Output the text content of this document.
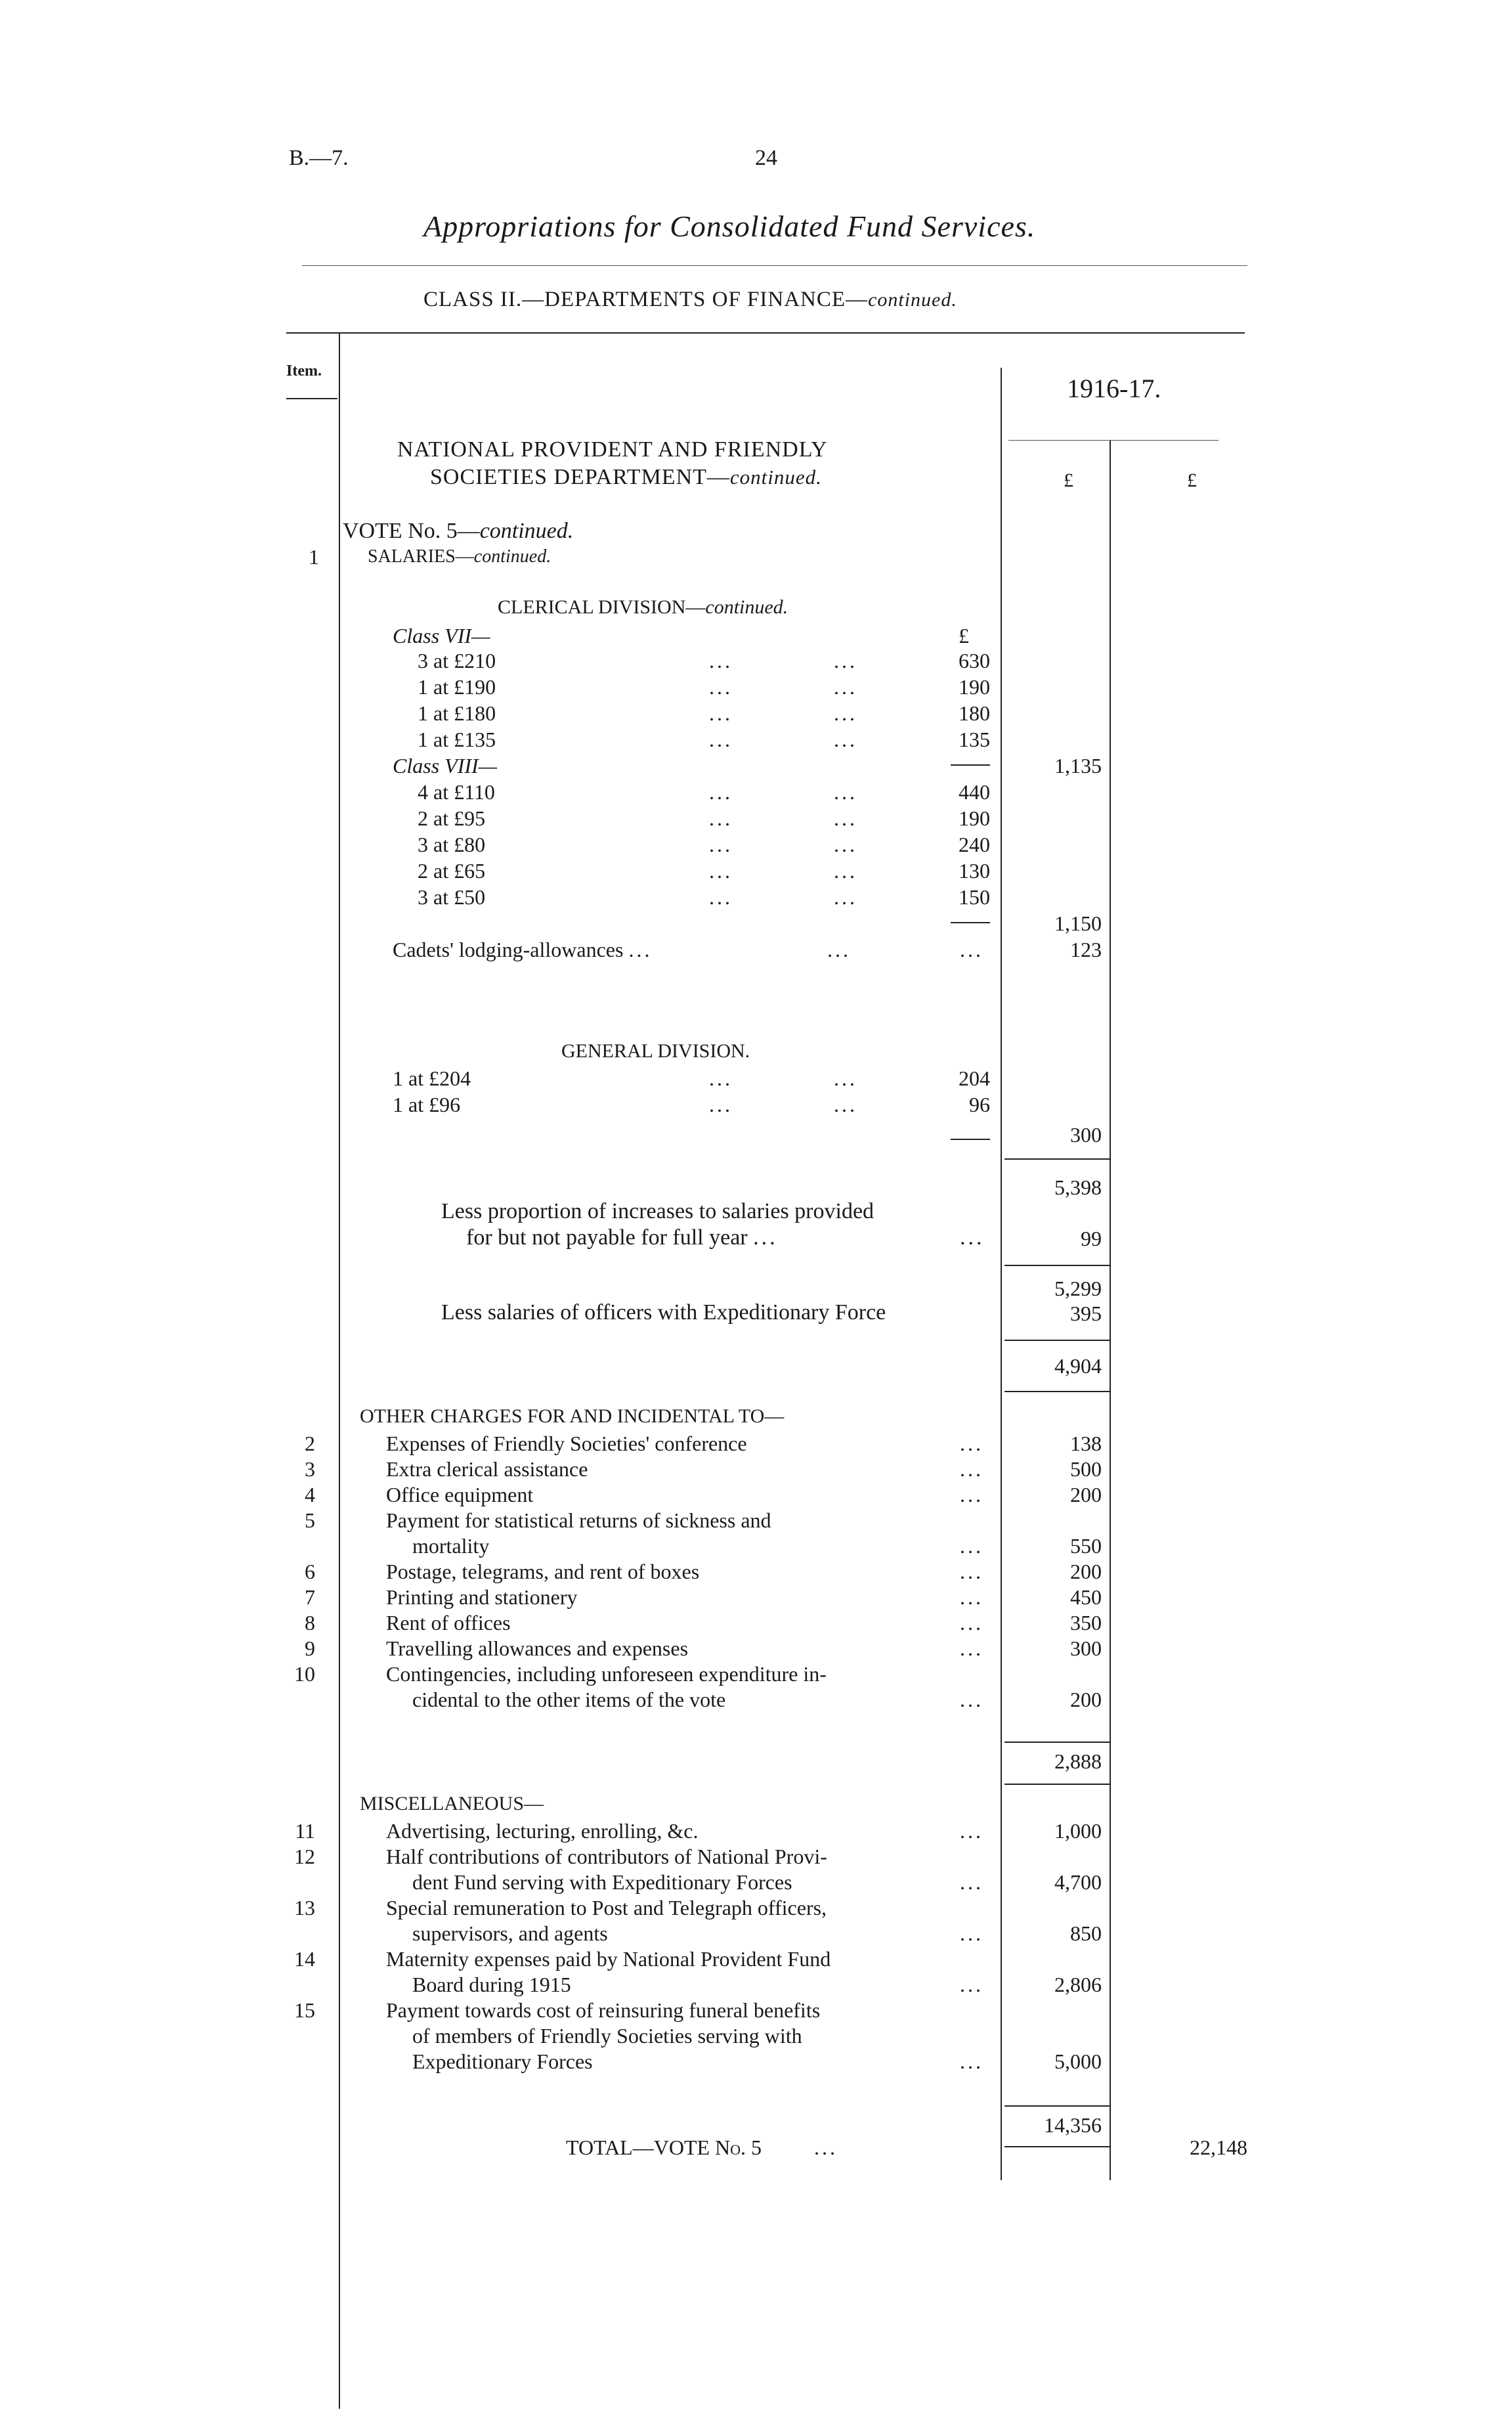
B.—7.	24
Appropriations for Consolidated Fund Services.
CLASS II.—DEPARTMENTS OF FINANCE—continued.
Item.
1916-17.
£	£
NATIONAL PROVIDENT AND FRIENDLY
SOCIETIES DEPARTMENT—continued.
VOTE No. 5—continued.
1	SALARIES—continued.
CLERICAL DIVISION—continued.
£
Class VII—
3 at £210	...	...	630
1 at £190	...	...	190
1 at £180	...	...	180
1 at £135	...	...	135
1,135
Class VIII—
4 at £110	...	...	440
2 at £95	...	...	190
3 at £80	...	...	240
2 at £65	...	...	130
3 at £50	...	...	150
1,150
Cadets' lodging-allowances ...	...	...	123
GENERAL DIVISION.
1 at £204	...	...	204
1 at £96	...	...	96
300
5,398
Less proportion of increases to salaries provided
for but not payable for full year ...	...	99
5,299
Less salaries of officers with Expeditionary Force	395
4,904
OTHER CHARGES FOR AND INCIDENTAL TO—
2	Expenses of Friendly Societies' conference	...	138
3	Extra clerical assistance	...	500
4	Office equipment	...	200
5	Payment for statistical returns of sickness and
mortality	...	550
6	Postage, telegrams, and rent of boxes	...	200
7	Printing and stationery	...	450
8	Rent of offices	...	350
9	Travelling allowances and expenses	...	300
10	Contingencies, including unforeseen expenditure in-
cidental to the other items of the vote	...	200
2,888
MISCELLANEOUS—
11	Advertising, lecturing, enrolling, &c.	...	1,000
12	Half contributions of contributors of National Provi-
dent Fund serving with Expeditionary Forces	...	4,700
13	Special remuneration to Post and Telegraph officers,
supervisors, and agents	...	850
14	Maternity expenses paid by National Provident Fund
Board during 1915	...	2,806
15	Payment towards cost of reinsuring funeral benefits
of members of Friendly Societies serving with
Expeditionary Forces	...	5,000
14,356
TOTAL—VOTE No. 5 ...	22,148
